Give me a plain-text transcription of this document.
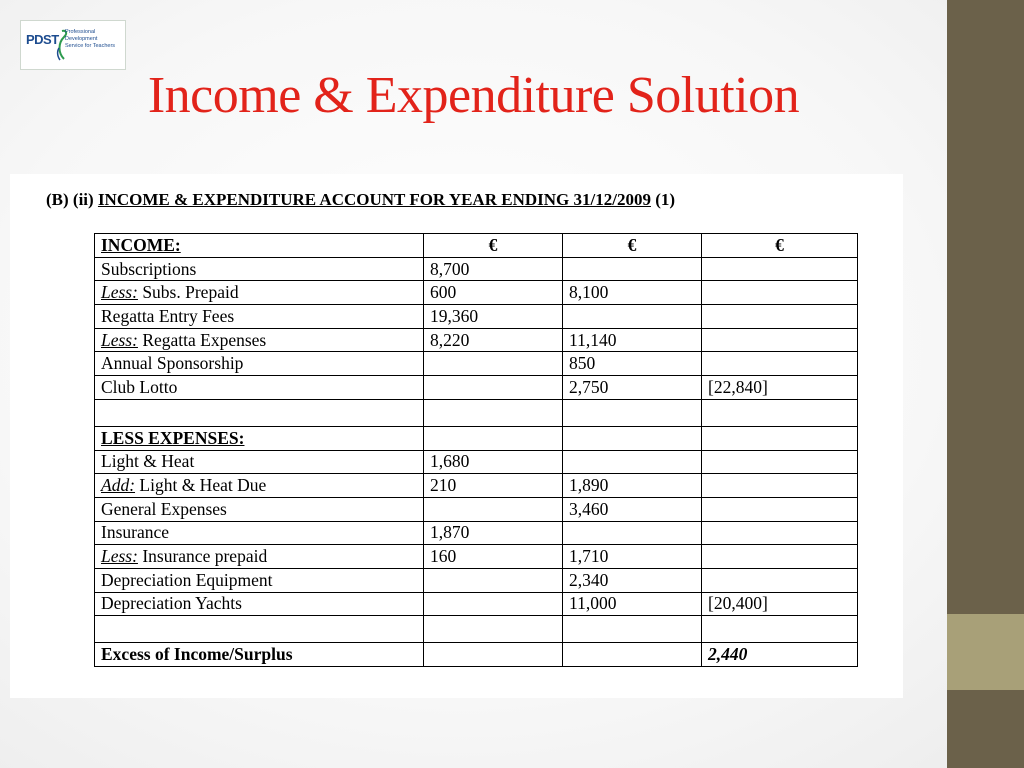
PDST Professional
Development
Service for Teachers
Income & Expenditure Solution
(B) (ii) INCOME & EXPENDITURE ACCOUNT FOR YEAR ENDING 31/12/2009 (1)
INCOME:	€	€	€
Subscriptions	8,700		
Less: Subs. Prepaid	600	8,100	
Regatta Entry Fees	19,360		
Less: Regatta Expenses	8,220	11,140	
Annual Sponsorship		850	
Club Lotto		2,750	[22,840]

LESS EXPENSES:			
Light & Heat	1,680		
Add: Light & Heat Due	210	1,890	
General Expenses		3,460	
Insurance	1,870		
Less: Insurance prepaid	160	1,710	
Depreciation Equipment		2,340	
Depreciation Yachts		11,000	[20,400]

Excess of Income/Surplus			2,440
